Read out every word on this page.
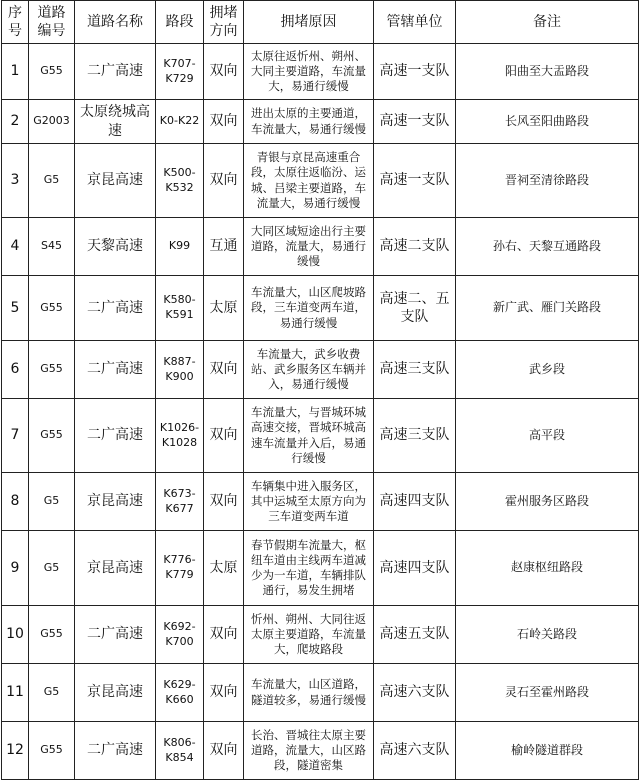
序号	道路编号	道路名称	路段	拥堵方向	拥堵原因	管辖单位	备注
1	G55	二广高速	K707-K729	双向	太原往返忻州、朔州、大同主要道路，车流量大，易通行缓慢	高速一支队	阳曲至大盂路段
2	G2003	太原绕城高速	K0-K22	双向	进出太原的主要通道，车流量大，易通行缓慢	高速一支队	长风至阳曲路段
3	G5	京昆高速	K500-K532	双向	青银与京昆高速重合段，太原往返临汾、运城、吕梁主要道路，车流量大，易通行缓慢	高速一支队	晋祠至清徐路段
4	S45	天黎高速	K99	互通	大同区域短途出行主要道路，流量大，易通行缓慢	高速二支队	孙右、天黎互通路段
5	G55	二广高速	K580-K591	太原	车流量大，山区爬坡路段，三车道变两车道，易通行缓慢	高速二、五支队	新广武、雁门关路段
6	G55	二广高速	K887-K900	双向	车流量大，武乡收费站、武乡服务区车辆并入，易通行缓慢	高速三支队	武乡段
7	G55	二广高速	K1026-K1028	双向	车流量大，与晋城环城高速交接，晋城环城高速车流量并入后，易通行缓慢	高速三支队	高平段
8	G5	京昆高速	K673-K677	双向	车辆集中进入服务区，其中运城至太原方向为三车道变两车道	高速四支队	霍州服务区路段
9	G5	京昆高速	K776-K779	太原	春节假期车流量大，枢纽车道由主线两车道减少为一车道，车辆排队通行，易发生拥堵	高速四支队	赵康枢纽路段
10	G55	二广高速	K692-K700	双向	忻州、朔州、大同往返太原主要道路，车流量大，爬坡路段	高速五支队	石岭关路段
11	G5	京昆高速	K629-K660	双向	车流量大，山区道路，隧道较多，易通行缓慢	高速六支队	灵石至霍州路段
12	G55	二广高速	K806-K854	双向	长治、晋城往太原主要道路，流量大，山区路段，隧道密集	高速六支队	榆岭隧道群段
